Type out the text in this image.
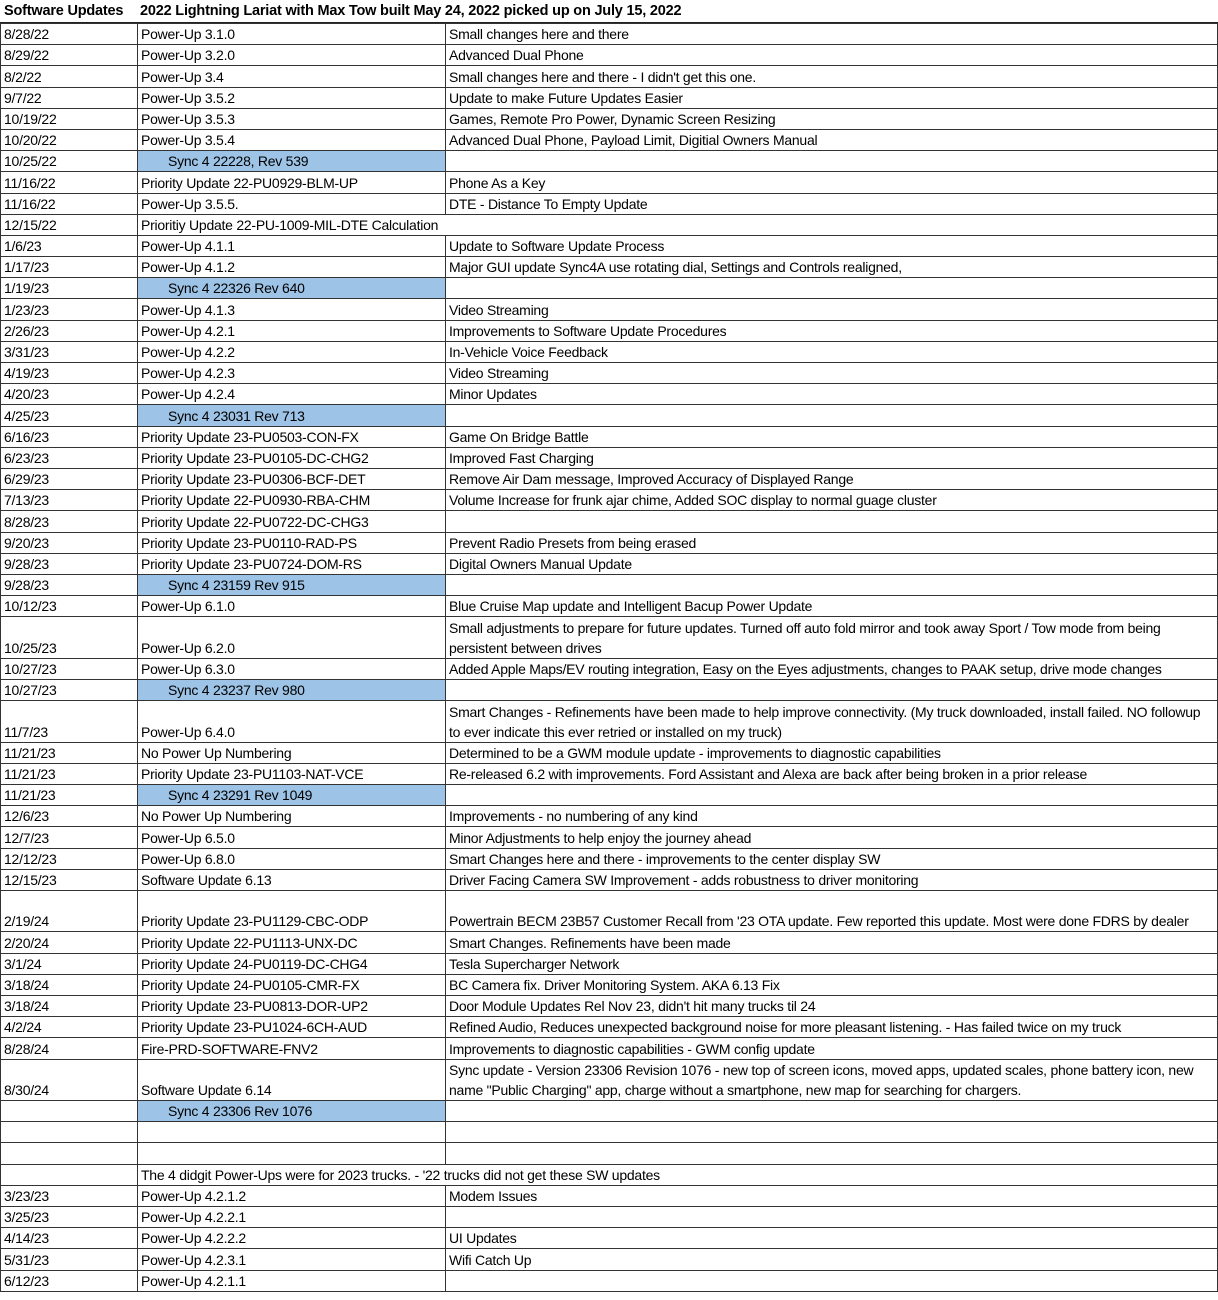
Software Updates	2022 Lightning Lariat with Max Tow built May 24, 2022 picked up on July 15, 2022
8/28/22	Power-Up 3.1.0	Small changes here and there
8/29/22	Power-Up 3.2.0	Advanced Dual Phone
8/2/22	Power-Up 3.4	Small changes here and there - I didn't get this one.
9/7/22	Power-Up 3.5.2	Update to make Future Updates Easier
10/19/22	Power-Up 3.5.3	Games, Remote Pro Power, Dynamic Screen Resizing
10/20/22	Power-Up 3.5.4	Advanced Dual Phone, Payload Limit, Digitial Owners Manual
10/25/22	Sync 4 22228, Rev 539	
11/16/22	Priority Update 22-PU0929-BLM-UP	Phone As a Key
11/16/22	Power-Up 3.5.5.	DTE - Distance To Empty Update
12/15/22	Prioritiy Update 22-PU-1009-MIL-DTE Calculation	
1/6/23	Power-Up 4.1.1	Update to Software Update Process
1/17/23	Power-Up 4.1.2	Major GUI update Sync4A use rotating dial, Settings and Controls realigned,
1/19/23	Sync 4 22326 Rev 640	
1/23/23	Power-Up 4.1.3	Video Streaming
2/26/23	Power-Up 4.2.1	Improvements to Software Update Procedures
3/31/23	Power-Up 4.2.2	In-Vehicle Voice Feedback
4/19/23	Power-Up 4.2.3	Video Streaming
4/20/23	Power-Up 4.2.4	Minor Updates
4/25/23	Sync 4 23031 Rev 713	
6/16/23	Priority Update 23-PU0503-CON-FX	Game On Bridge Battle
6/23/23	Priority Update 23-PU0105-DC-CHG2	Improved Fast Charging
6/29/23	Priority Update 23-PU0306-BCF-DET	Remove Air Dam message, Improved Accuracy of Displayed Range
7/13/23	Priority Update 22-PU0930-RBA-CHM	Volume Increase for frunk ajar chime, Added SOC display to normal guage cluster
8/28/23	Priority Update 22-PU0722-DC-CHG3	
9/20/23	Priority Update 23-PU0110-RAD-PS	Prevent Radio Presets from being erased
9/28/23	Priority Update 23-PU0724-DOM-RS	Digital Owners Manual Update
9/28/23	Sync 4 23159 Rev 915	
10/12/23	Power-Up 6.1.0	Blue Cruise Map update and Intelligent Bacup Power Update
10/25/23	Power-Up 6.2.0	Small adjustments to prepare for future updates. Turned off auto fold mirror and took away Sport / Tow mode from being persistent between drives
10/27/23	Power-Up 6.3.0	Added Apple Maps/EV routing integration, Easy on the Eyes adjustments, changes to PAAK setup, drive mode changes
10/27/23	Sync 4 23237 Rev 980	
11/7/23	Power-Up 6.4.0	Smart Changes - Refinements have been made to help improve connectivity. (My truck downloaded, install failed. NO followup to ever indicate this ever retried or installed on my truck)
11/21/23	No Power Up Numbering	Determined to be a GWM module update - improvements to diagnostic capabilities
11/21/23	Priority Update 23-PU1103-NAT-VCE	Re-released 6.2 with improvements. Ford Assistant and Alexa are back after being broken in a prior release
11/21/23	Sync 4 23291 Rev 1049	
12/6/23	No Power Up Numbering	Improvements - no numbering of any kind
12/7/23	Power-Up 6.5.0	Minor Adjustments to help enjoy the journey ahead
12/12/23	Power-Up 6.8.0	Smart Changes here and there - improvements to the center display SW
12/15/23	Software Update 6.13	Driver Facing Camera SW Improvement - adds robustness to driver monitoring
2/19/24	Priority Update 23-PU1129-CBC-ODP	Powertrain BECM 23B57 Customer Recall from '23 OTA update. Few reported this update. Most were done FDRS by dealer
2/20/24	Priority Update 22-PU1113-UNX-DC	Smart Changes. Refinements have been made
3/1/24	Priority Update 24-PU0119-DC-CHG4	Tesla Supercharger Network
3/18/24	Priority Update 24-PU0105-CMR-FX	BC Camera fix. Driver Monitoring System. AKA 6.13 Fix
3/18/24	Priority Update 23-PU0813-DOR-UP2	Door Module Updates Rel Nov 23, didn't hit many trucks til 24
4/2/24	Priority Update 23-PU1024-6CH-AUD	Refined Audio, Reduces unexpected background noise for more pleasant listening. - Has failed twice on my truck
8/28/24	Fire-PRD-SOFTWARE-FNV2	Improvements to diagnostic capabilities - GWM config update
8/30/24	Software Update 6.14	Sync update - Version 23306 Revision 1076 - new top of screen icons, moved apps, updated scales, phone battery icon, new name "Public Charging" app, charge without a smartphone, new map for searching for chargers.
	Sync 4 23306 Rev 1076	

	The 4 didgit Power-Ups were for 2023 trucks. - '22 trucks did not get these SW updates	
3/23/23	Power-Up 4.2.1.2	Modem Issues
3/25/23	Power-Up 4.2.2.1	
4/14/23	Power-Up 4.2.2.2	UI Updates
5/31/23	Power-Up 4.2.3.1	Wifi Catch Up
6/12/23	Power-Up 4.2.1.1	
